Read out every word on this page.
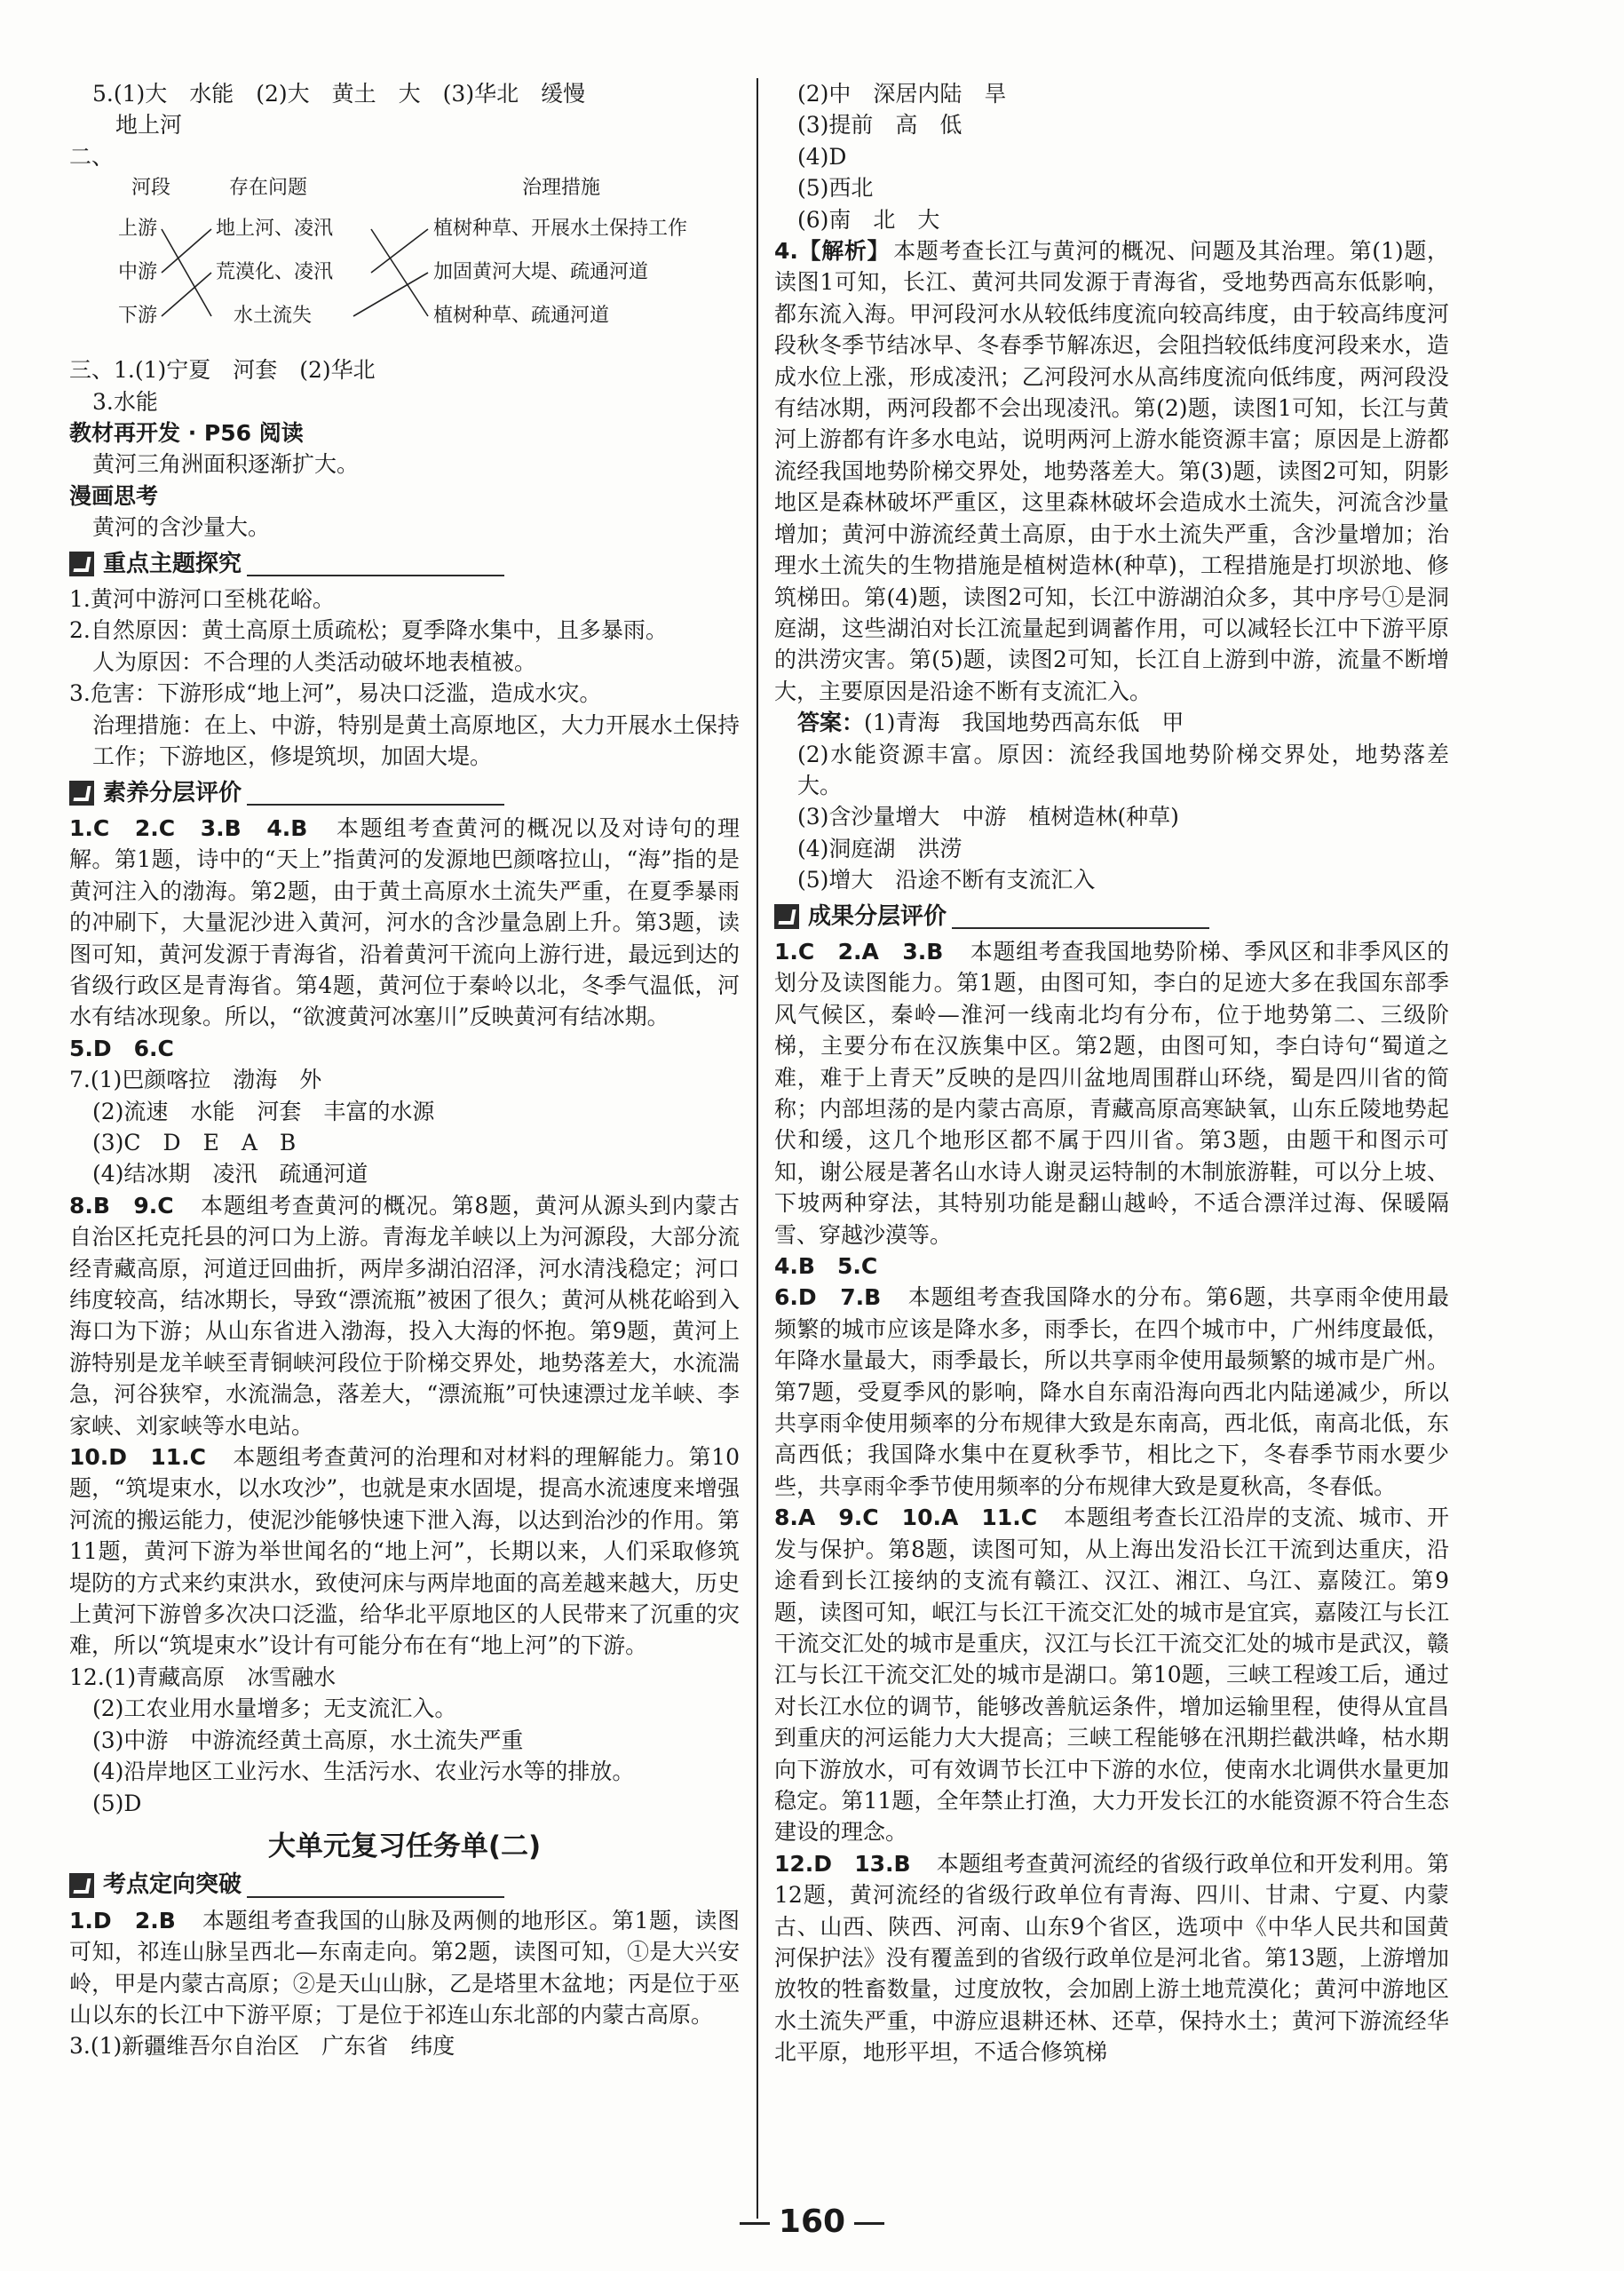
5.(1)大　水能　(2)大　黄土　大　(3)华北　缓慢
地上河
二、
河段	存在问题	治理措施
上游
中游
下游
地上河、凌汛
荒漠化、凌汛
水土流失
植树种草、开展水土保持工作
加固黄河大堤、疏通河道
植树种草、疏通河道
三、1.(1)宁夏　河套　(2)华北
3.水能
教材再开发 · P56 阅读
黄河三角洲面积逐渐扩大。
漫画思考
黄河的含沙量大。
重点主题探究
1.黄河中游河口至桃花峪。
2.自然原因：黄土高原土质疏松；夏季降水集中，且多暴雨。
人为原因：不合理的人类活动破坏地表植被。
3.危害：下游形成“地上河”，易决口泛滥，造成水灾。
治理措施：在上、中游，特别是黄土高原地区，大力开展水土保持工作；下游地区，修堤筑坝，加固大堤。
素养分层评价
1.C　2.C　3.B　4.B　 本题组考查黄河的概况以及对诗句的理解。第1题，诗中的“天上”指黄河的发源地巴颜喀拉山，“海”指的是黄河注入的渤海。第2题，由于黄土高原水土流失严重，在夏季暴雨的冲刷下，大量泥沙进入黄河，河水的含沙量急剧上升。第3题，读图可知，黄河发源于青海省，沿着黄河干流向上游行进，最远到达的省级行政区是青海省。第4题，黄河位于秦岭以北，冬季气温低，河水有结冰现象。所以，“欲渡黄河冰塞川”反映黄河有结冰期。
5.D　6.C
7.(1)巴颜喀拉　渤海　外
(2)流速　水能　河套　丰富的水源
(3)C　D　E　A　B
(4)结冰期　凌汛　疏通河道
8.B　9.C　 本题组考查黄河的概况。第8题，黄河从源头到内蒙古自治区托克托县的河口为上游。青海龙羊峡以上为河源段，大部分流经青藏高原，河道迂回曲折，两岸多湖泊沼泽，河水清浅稳定；河口纬度较高，结冰期长，导致“漂流瓶”被困了很久；黄河从桃花峪到入海口为下游；从山东省进入渤海，投入大海的怀抱。第9题，黄河上游特别是龙羊峡至青铜峡河段位于阶梯交界处，地势落差大，水流湍急，河谷狭窄，水流湍急，落差大，“漂流瓶”可快速漂过龙羊峡、李家峡、刘家峡等水电站。
10.D　11.C　 本题组考查黄河的治理和对材料的理解能力。第10题，“筑堤束水，以水攻沙”，也就是束水固堤，提高水流速度来增强河流的搬运能力，使泥沙能够快速下泄入海，以达到治沙的作用。第11题，黄河下游为举世闻名的“地上河”，长期以来，人们采取修筑堤防的方式来约束洪水，致使河床与两岸地面的高差越来越大，历史上黄河下游曾多次决口泛滥，给华北平原地区的人民带来了沉重的灾难，所以“筑堤束水”设计有可能分布在有“地上河”的下游。
12.(1)青藏高原　冰雪融水
(2)工农业用水量增多；无支流汇入。
(3)中游　中游流经黄土高原，水土流失严重
(4)沿岸地区工业污水、生活污水、农业污水等的排放。
(5)D
大单元复习任务单(二)
考点定向突破
1.D　2.B　 本题组考查我国的山脉及两侧的地形区。第1题，读图可知，祁连山脉呈西北—东南走向。第2题，读图可知，①是大兴安岭，甲是内蒙古高原；②是天山山脉，乙是塔里木盆地；丙是位于巫山以东的长江中下游平原；丁是位于祁连山东北部的内蒙古高原。
3.(1)新疆维吾尔自治区　广东省　纬度
(2)中　深居内陆　旱
(3)提前　高　低
(4)D
(5)西北
(6)南　北　大
4.【解析】 本题考查长江与黄河的概况、问题及其治理。第(1)题，读图1可知，长江、黄河共同发源于青海省，受地势西高东低影响，都东流入海。甲河段河水从较低纬度流向较高纬度，由于较高纬度河段秋冬季节结冰早、冬春季节解冻迟，会阻挡较低纬度河段来水，造成水位上涨，形成凌汛；乙河段河水从高纬度流向低纬度，两河段没有结冰期，两河段都不会出现凌汛。第(2)题，读图1可知，长江与黄河上游都有许多水电站，说明两河上游水能资源丰富；原因是上游都流经我国地势阶梯交界处，地势落差大。第(3)题，读图2可知，阴影地区是森林破坏严重区，这里森林破坏会造成水土流失，河流含沙量增加；黄河中游流经黄土高原，由于水土流失严重，含沙量增加；治理水土流失的生物措施是植树造林(种草)，工程措施是打坝淤地、修筑梯田。第(4)题，读图2可知，长江中游湖泊众多，其中序号①是洞庭湖，这些湖泊对长江流量起到调蓄作用，可以减轻长江中下游平原的洪涝灾害。第(5)题，读图2可知，长江自上游到中游，流量不断增大，主要原因是沿途不断有支流汇入。
答案：(1)青海　我国地势西高东低　甲
(2)水能资源丰富。原因：流经我国地势阶梯交界处，地势落差大。
(3)含沙量增大　中游　植树造林(种草)
(4)洞庭湖　洪涝
(5)增大　沿途不断有支流汇入
成果分层评价
1.C　2.A　3.B　 本题组考查我国地势阶梯、季风区和非季风区的划分及读图能力。第1题，由图可知，李白的足迹大多在我国东部季风气候区，秦岭—淮河一线南北均有分布，位于地势第二、三级阶梯，主要分布在汉族集中区。第2题，由图可知，李白诗句“蜀道之难，难于上青天”反映的是四川盆地周围群山环绕，蜀是四川省的简称；内部坦荡的是内蒙古高原，青藏高原高寒缺氧，山东丘陵地势起伏和缓，这几个地形区都不属于四川省。第3题，由题干和图示可知，谢公屐是著名山水诗人谢灵运特制的木制旅游鞋，可以分上坡、下坡两种穿法，其特别功能是翻山越岭，不适合漂洋过海、保暖隔雪、穿越沙漠等。
4.B　5.C
6.D　7.B　 本题组考查我国降水的分布。第6题，共享雨伞使用最频繁的城市应该是降水多，雨季长，在四个城市中，广州纬度最低，年降水量最大，雨季最长，所以共享雨伞使用最频繁的城市是广州。第7题，受夏季风的影响，降水自东南沿海向西北内陆递减少，所以共享雨伞使用频率的分布规律大致是东南高，西北低，南高北低，东高西低；我国降水集中在夏秋季节，相比之下，冬春季节雨水要少些，共享雨伞季节使用频率的分布规律大致是夏秋高，冬春低。
8.A　9.C　10.A　11.C　 本题组考查长江沿岸的支流、城市、开发与保护。第8题，读图可知，从上海出发沿长江干流到达重庆，沿途看到长江接纳的支流有赣江、汉江、湘江、乌江、嘉陵江。第9题，读图可知，岷江与长江干流交汇处的城市是宜宾，嘉陵江与长江干流交汇处的城市是重庆，汉江与长江干流交汇处的城市是武汉，赣江与长江干流交汇处的城市是湖口。第10题，三峡工程竣工后，通过对长江水位的调节，能够改善航运条件，增加运输里程，使得从宜昌到重庆的河运能力大大提高；三峡工程能够在汛期拦截洪峰，枯水期向下游放水，可有效调节长江中下游的水位，使南水北调供水量更加稳定。第11题，全年禁止打渔，大力开发长江的水能资源不符合生态建设的理念。
12.D　13.B　 本题组考查黄河流经的省级行政单位和开发利用。第12题，黄河流经的省级行政单位有青海、四川、甘肃、宁夏、内蒙古、山西、陕西、河南、山东9个省区，选项中《中华人民共和国黄河保护法》没有覆盖到的省级行政单位是河北省。第13题，上游增加放牧的牲畜数量，过度放牧，会加剧上游土地荒漠化；黄河中游地区水土流失严重，中游应退耕还林、还草，保持水土；黄河下游流经华北平原，地形平坦，不适合修筑梯
160
